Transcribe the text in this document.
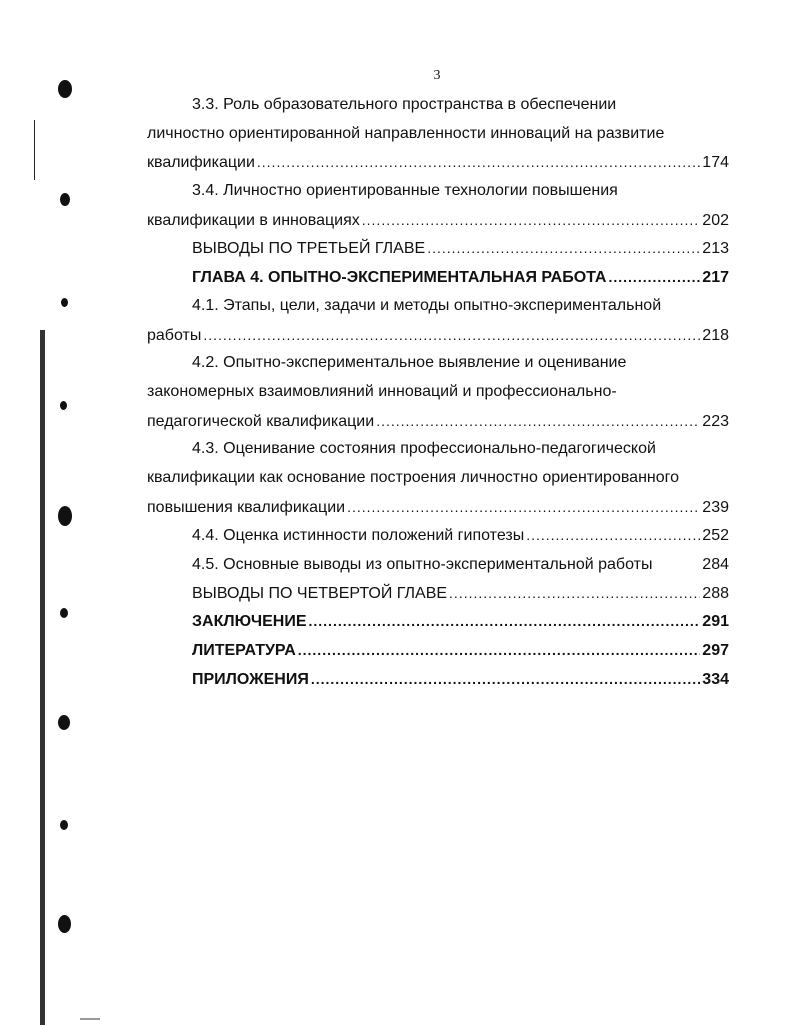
3
3.3. Роль образовательного пространства в обеспечении
личностно ориентированной направленности инноваций на развитие
квалификации .....	174
3.4. Личностно ориентированные технологии повышения
квалификации в инновациях .....	202
ВЫВОДЫ ПО ТРЕТЬЕЙ ГЛАВЕ .....	213
ГЛАВА 4. ОПЫТНО-ЭКСПЕРИМЕНТАЛЬНАЯ РАБОТА .....	217
4.1. Этапы, цели, задачи и методы опытно-экспериментальной
работы .....	218
4.2. Опытно-экспериментальное выявление и оценивание
закономерных взаимовлияний инноваций и профессионально-
педагогической квалификации .....	223
4.3. Оценивание состояния профессионально-педагогической
квалификации как основание построения личностно ориентированного
повышения квалификации .....	239
4.4. Оценка истинности положений гипотезы .....	252
4.5. Основные выводы из опытно-экспериментальной работы	284
ВЫВОДЫ ПО ЧЕТВЕРТОЙ ГЛАВЕ .....	288
ЗАКЛЮЧЕНИЕ .....	291
ЛИТЕРАТУРА .....	297
ПРИЛОЖЕНИЯ .....	334
